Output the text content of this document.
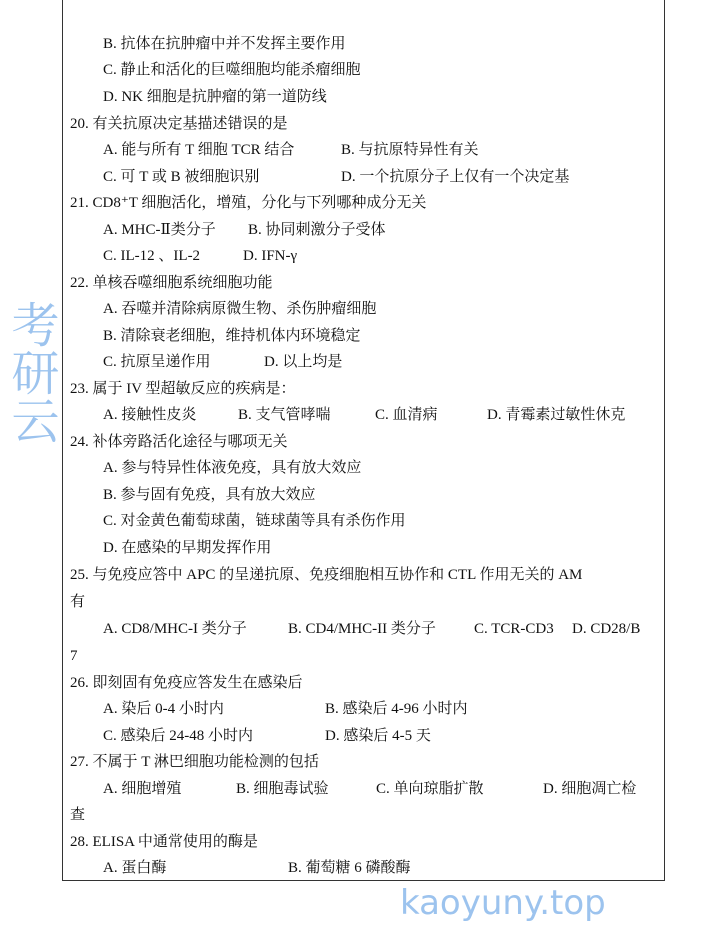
考研云
kaoyuny.top
B. 抗体在抗肿瘤中并不发挥主要作用
C. 静止和活化的巨噬细胞均能杀瘤细胞
D. NK 细胞是抗肿瘤的第一道防线
20. 有关抗原决定基描述错误的是
A. 能与所有 T 细胞 TCR 结合	B. 与抗原特异性有关
C. 可 T 或 B 被细胞识别	D. 一个抗原分子上仅有一个决定基
21. CD8⁺T 细胞活化，增殖，分化与下列哪种成分无关
A. MHC-Ⅱ类分子 B. 协同刺激分子受体
C. IL-12 、IL-2	D. IFN-γ
22. 单核吞噬细胞系统细胞功能
A. 吞噬并清除病原微生物、杀伤肿瘤细胞
B. 清除衰老细胞，维持机体内环境稳定
C. 抗原呈递作用	D. 以上均是
23. 属于 IV 型超敏反应的疾病是：
A. 接触性皮炎	B. 支气管哮喘	C. 血清病	D. 青霉素过敏性休克
24. 补体旁路活化途径与哪项无关
A. 参与特异性体液免疫，具有放大效应
B. 参与固有免疫，具有放大效应
C. 对金黄色葡萄球菌，链球菌等具有杀伤作用
D. 在感染的早期发挥作用
25. 与免疫应答中 APC 的呈递抗原、免疫细胞相互协作和 CTL 作用无关的 AM
有
A. CD8/MHC-I 类分子	B. CD4/MHC-II 类分子	C. TCR-CD3 D. CD28/B
7
26. 即刻固有免疫应答发生在感染后
A. 染后 0-4 小时内	B. 感染后 4-96 小时内
C. 感染后 24-48 小时内	D. 感染后 4-5 天
27. 不属于 T 淋巴细胞功能检测的包括
A. 细胞增殖	B. 细胞毒试验	C. 单向琼脂扩散	D. 细胞凋亡检
查
28. ELISA 中通常使用的酶是
A. 蛋白酶	B. 葡萄糖 6 磷酸酶
